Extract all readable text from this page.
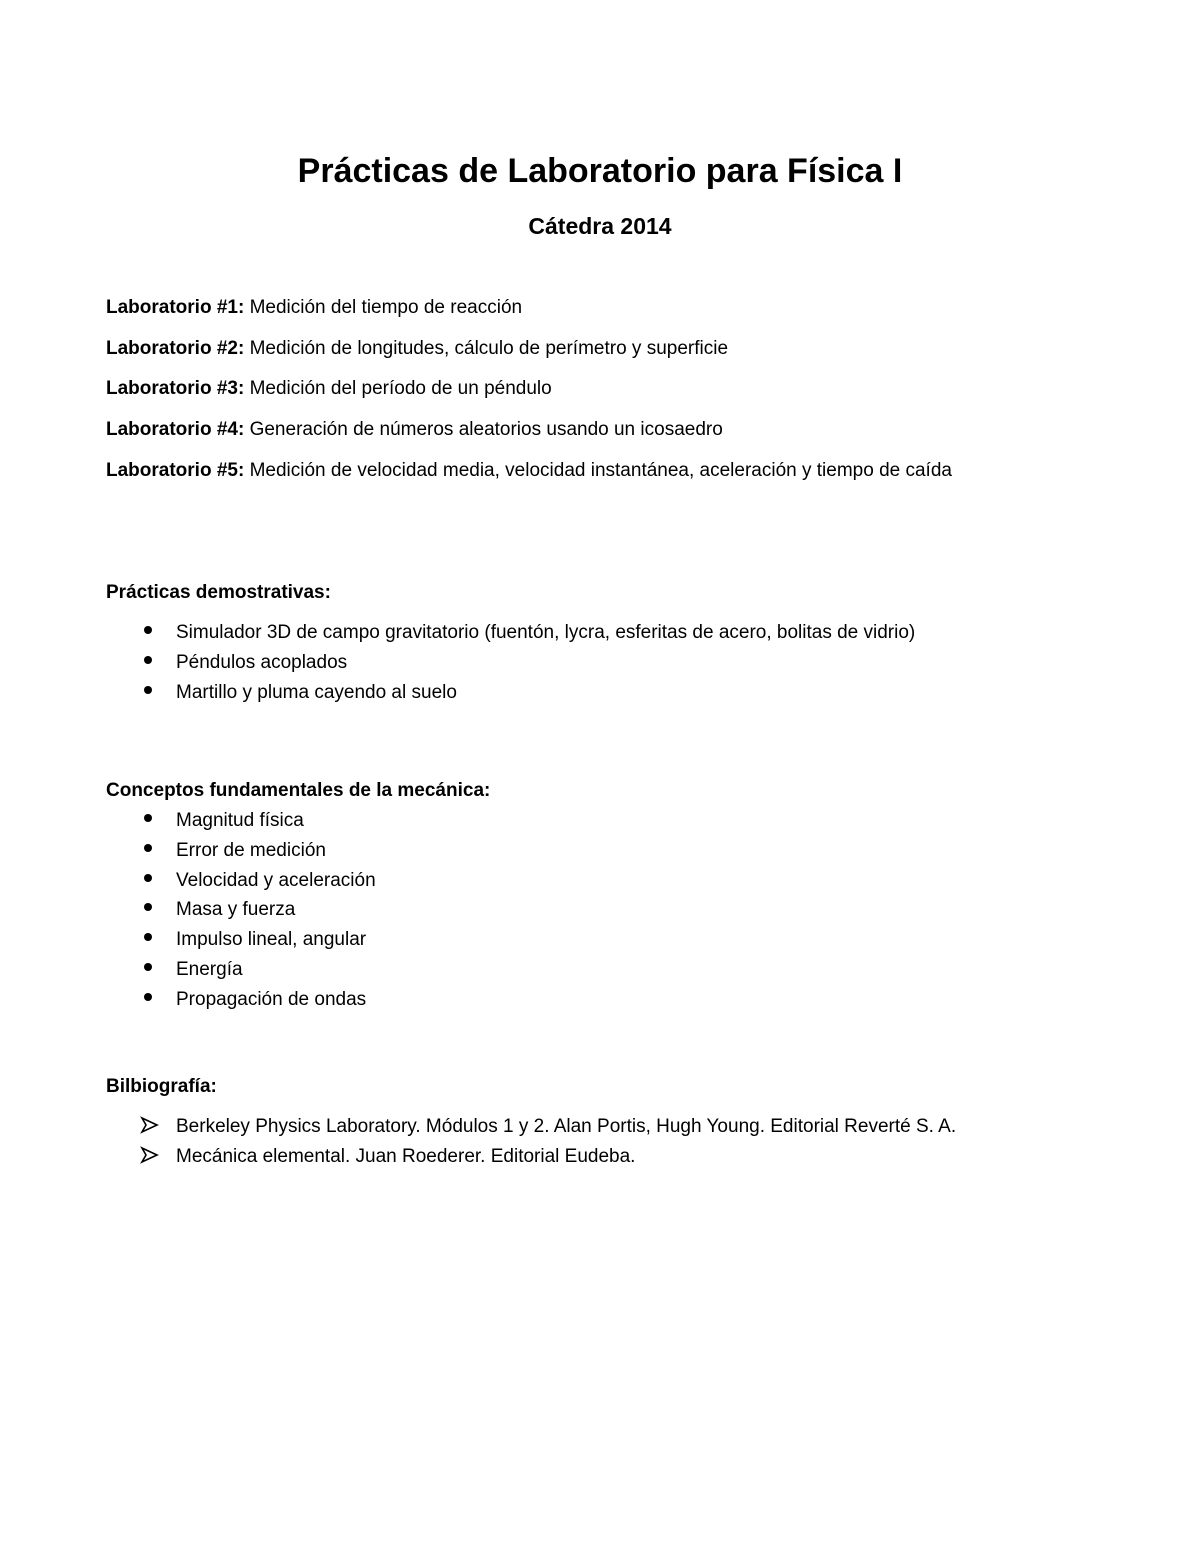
Prácticas de Laboratorio para Física I
Cátedra 2014
Laboratorio #1: Medición del tiempo de reacción
Laboratorio #2: Medición de longitudes, cálculo de perímetro y superficie
Laboratorio #3: Medición del período de un péndulo
Laboratorio #4: Generación de números aleatorios usando un icosaedro
Laboratorio #5: Medición de velocidad media, velocidad instantánea, aceleración y tiempo de caída
Prácticas demostrativas:
Simulador 3D de campo gravitatorio (fuentón, lycra, esferitas de acero, bolitas de vidrio)
Péndulos acoplados
Martillo y pluma cayendo al suelo
Conceptos fundamentales de la mecánica:
Magnitud física
Error de medición
Velocidad y aceleración
Masa y fuerza
Impulso lineal, angular
Energía
Propagación de ondas
Bilbiografía:
Berkeley Physics Laboratory. Módulos 1 y 2. Alan Portis, Hugh Young. Editorial Reverté S. A.
Mecánica elemental. Juan Roederer. Editorial Eudeba.
